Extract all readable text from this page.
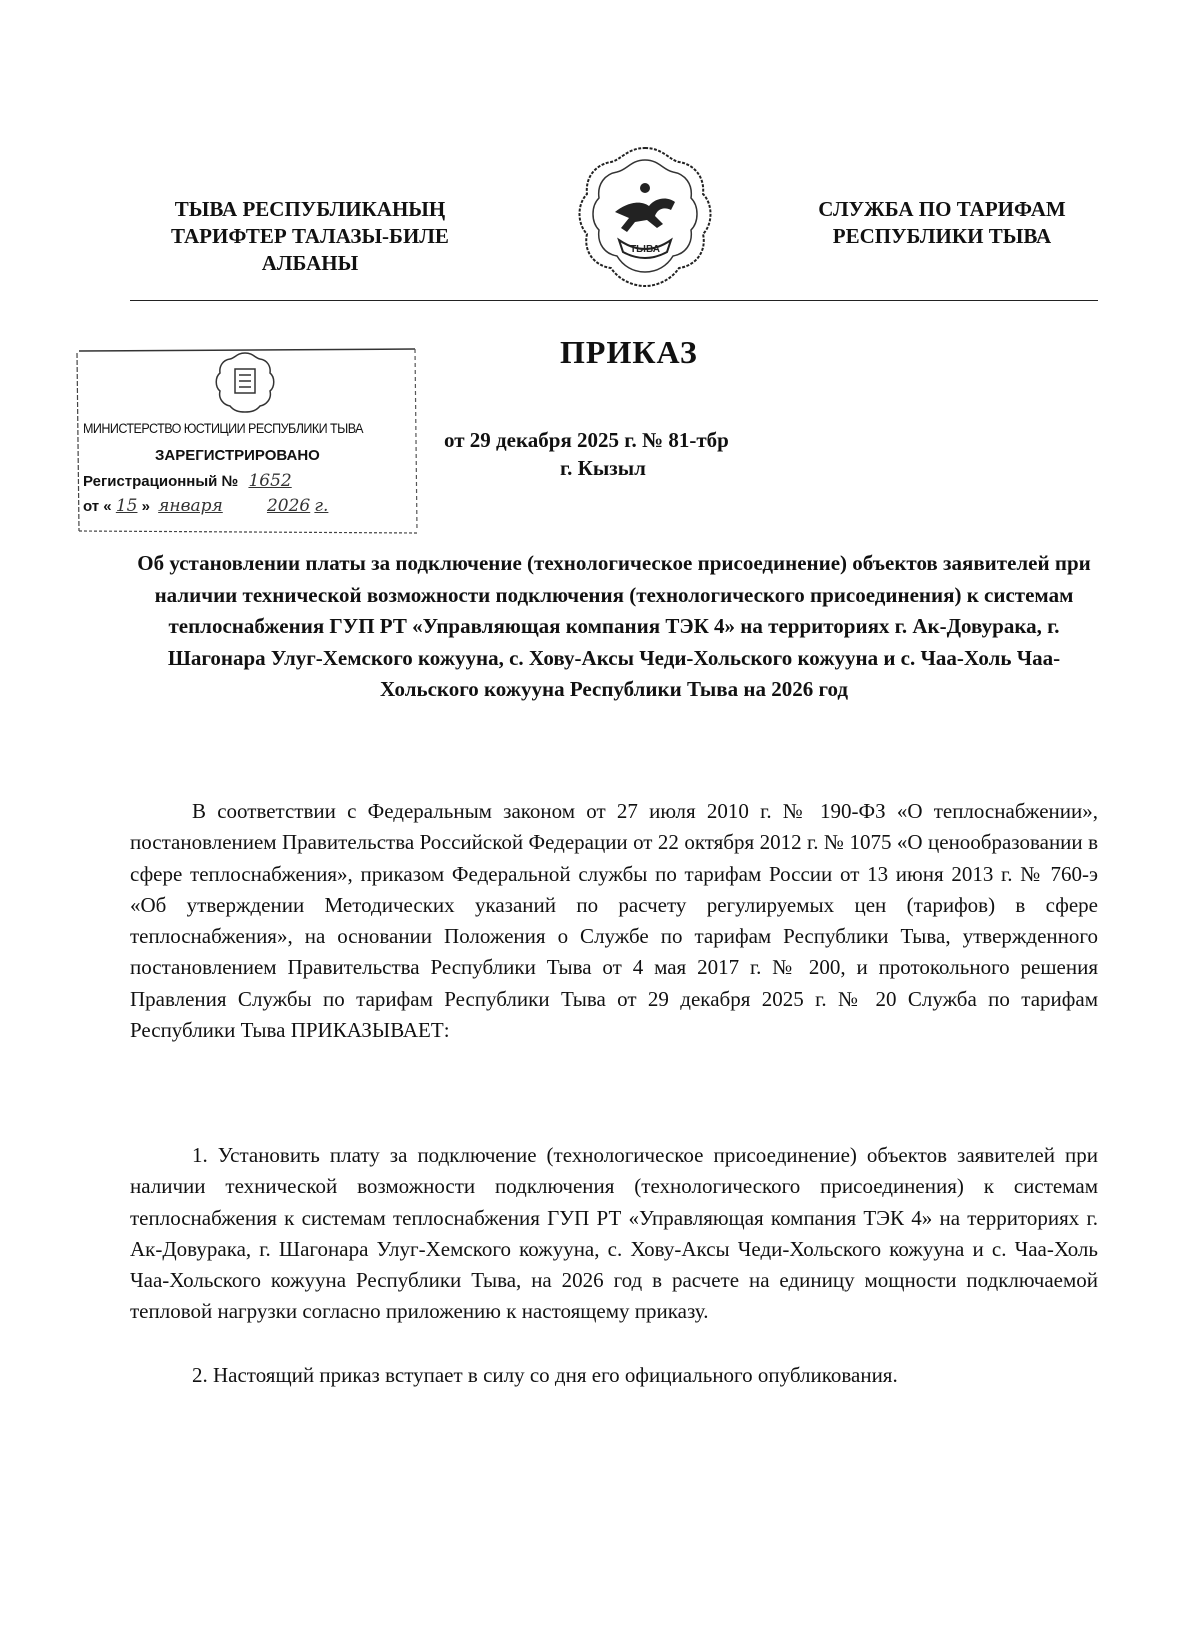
ТЫВА РЕСПУБЛИКАНЫҢ
ТАРИФТЕР ТАЛАЗЫ-БИЛЕ
АЛБАНЫ
ТЫВА
СЛУЖБА ПО ТАРИФАМ
РЕСПУБЛИКИ ТЫВА
ПРИКАЗ
МИНИСТЕРСТВО ЮСТИЦИИ РЕСПУБЛИКИ ТЫВА
ЗАРЕГИСТРИРОВАНО
Регистрационный № 1652
от « 15 » января	2026 г.
от 29 декабря 2025 г. № 81-тбр
г. Кызыл
Об установлении платы за подключение (технологическое присоединение) объектов заявителей при наличии технической возможности подключения (технологического присоединения) к системам теплоснабжения ГУП РТ «Управляющая компания ТЭК 4» на территориях г. Ак-Довурака, г. Шагонара Улуг-Хемского кожууна, с. Хову-Аксы Чеди-Хольского кожууна и с. Чаа-Холь Чаа-Хольского кожууна Республики Тыва на 2026 год
В соответствии с Федеральным законом от 27 июля 2010 г. № 190-ФЗ «О теплоснабжении», постановлением Правительства Российской Федерации от 22 октября 2012 г. № 1075 «О ценообразовании в сфере теплоснабжения», приказом Федеральной службы по тарифам России от 13 июня 2013 г. № 760-э «Об утверждении Методических указаний по расчету регулируемых цен (тарифов) в сфере теплоснабжения», на основании Положения о Службе по тарифам Республики Тыва, утвержденного постановлением Правительства Республики Тыва от 4 мая 2017 г. № 200, и протокольного решения Правления Службы по тарифам Республики Тыва от 29 декабря 2025 г. № 20 Служба по тарифам Республики Тыва ПРИКАЗЫВАЕТ:
1. Установить плату за подключение (технологическое присоединение) объектов заявителей при наличии технической возможности подключения (технологического присоединения) к системам теплоснабжения к системам теплоснабжения ГУП РТ «Управляющая компания ТЭК 4» на территориях г. Ак-Довурака, г. Шагонара Улуг-Хемского кожууна, с. Хову-Аксы Чеди-Хольского кожууна и с. Чаа-Холь Чаа-Хольского кожууна Республики Тыва, на 2026 год в расчете на единицу мощности подключаемой тепловой нагрузки согласно приложению к настоящему приказу.
2. Настоящий приказ вступает в силу со дня его официального опубликования.
